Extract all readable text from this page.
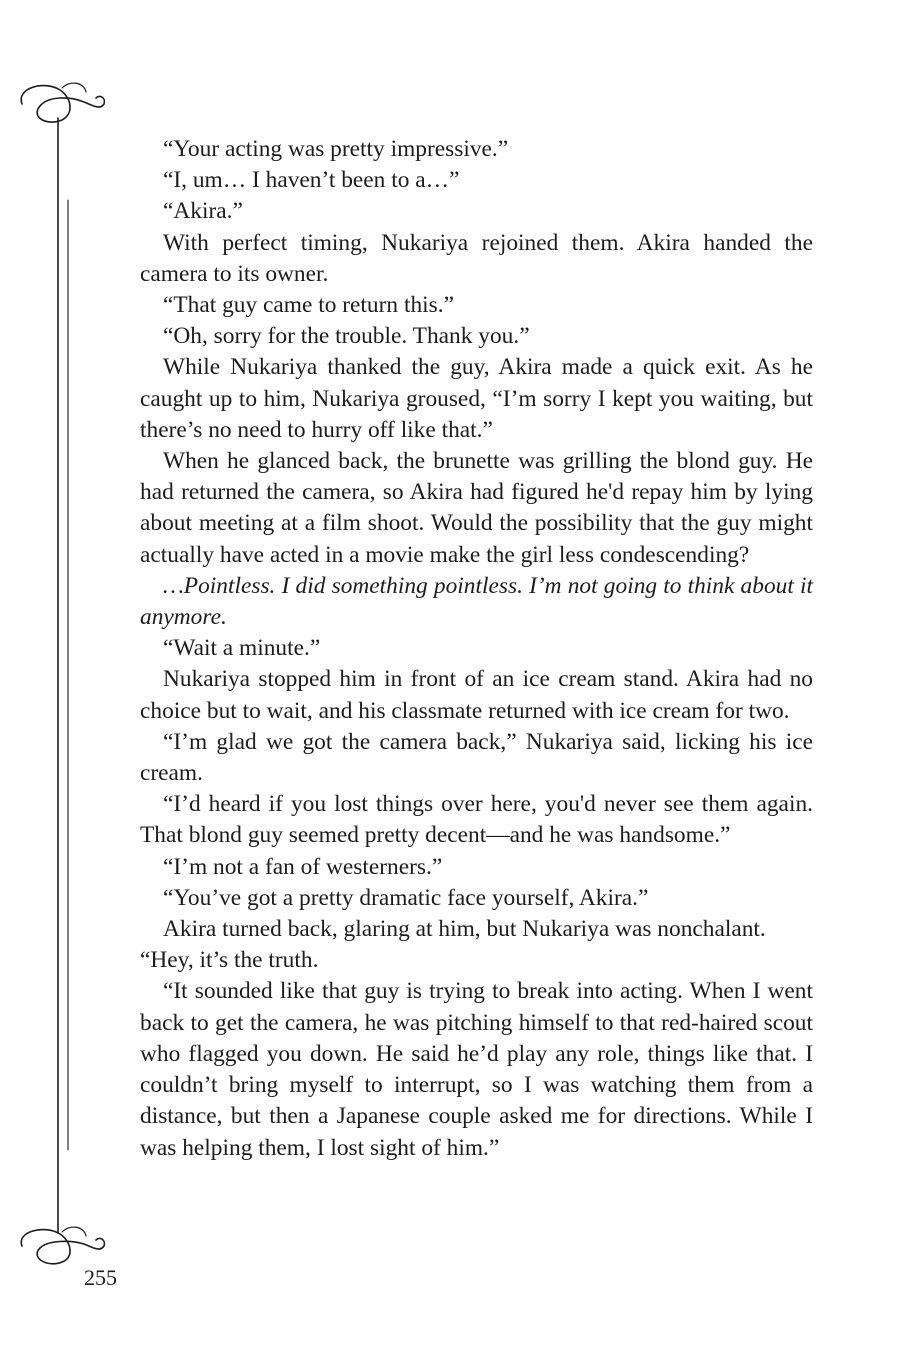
“Your acting was pretty impressive.”

“I, um… I haven’t been to a…”

“Akira.”

With perfect timing, Nukariya rejoined them. Akira handed the camera to its owner.

“That guy came to return this.”

“Oh, sorry for the trouble. Thank you.”

While Nukariya thanked the guy, Akira made a quick exit. As he caught up to him, Nukariya groused, “I’m sorry I kept you waiting, but there’s no need to hurry off like that.”

When he glanced back, the brunette was grilling the blond guy. He had returned the camera, so Akira had figured he'd repay him by lying about meeting at a film shoot. Would the possibility that the guy might actually have acted in a movie make the girl less condescending?

…Pointless. I did something pointless. I’m not going to think about it anymore.

“Wait a minute.”

Nukariya stopped him in front of an ice cream stand. Akira had no choice but to wait, and his classmate returned with ice cream for two.

“I’m glad we got the camera back,” Nukariya said, licking his ice cream.

“I’d heard if you lost things over here, you'd never see them again. That blond guy seemed pretty decent—and he was handsome.”

“I’m not a fan of westerners.”

“You’ve got a pretty dramatic face yourself, Akira.”

Akira turned back, glaring at him, but Nukariya was nonchalant.

“Hey, it’s the truth.

“It sounded like that guy is trying to break into acting. When I went back to get the camera, he was pitching himself to that red-haired scout who flagged you down. He said he’d play any role, things like that. I couldn’t bring myself to interrupt, so I was watching them from a distance, but then a Japanese couple asked me for directions. While I was helping them, I lost sight of him.”

255
